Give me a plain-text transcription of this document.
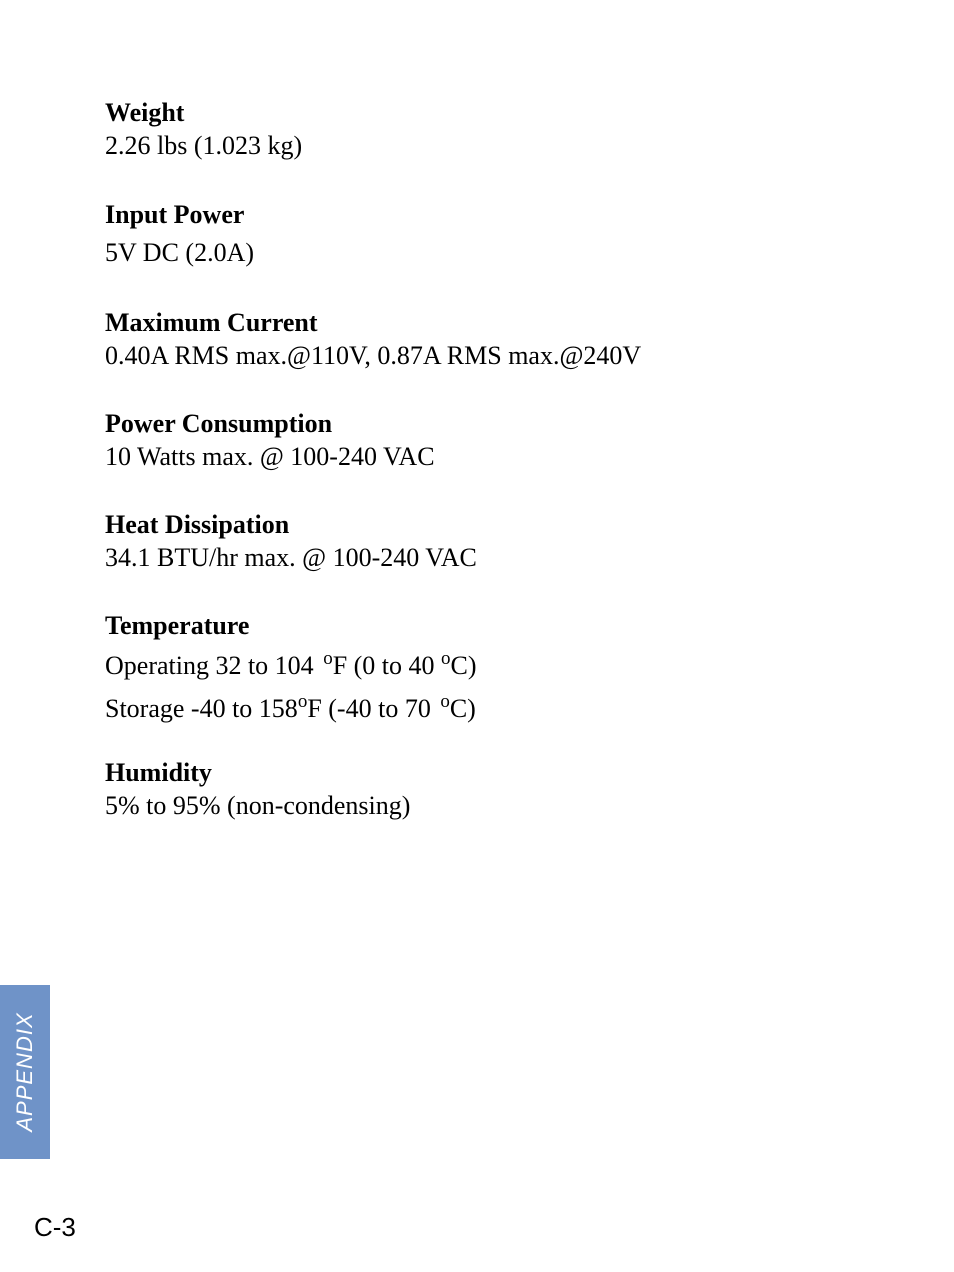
Weight
2.26 lbs (1.023 kg)
Input Power
5V DC (2.0A)
Maximum Current
0.40A RMS max.@110V, 0.87A RMS max.@240V
Power Consumption
10 Watts max. @ 100-240 VAC
Heat Dissipation
34.1 BTU/hr max. @ 100-240 VAC
Temperature
Operating 32 to 104 $^o$F (0 to 40 $^o$C)
Storage -40 to 158$^o$F (-40 to 70 $^o$C)
Humidity
5% to 95% (non-condensing)
APPENDIX
C-3
